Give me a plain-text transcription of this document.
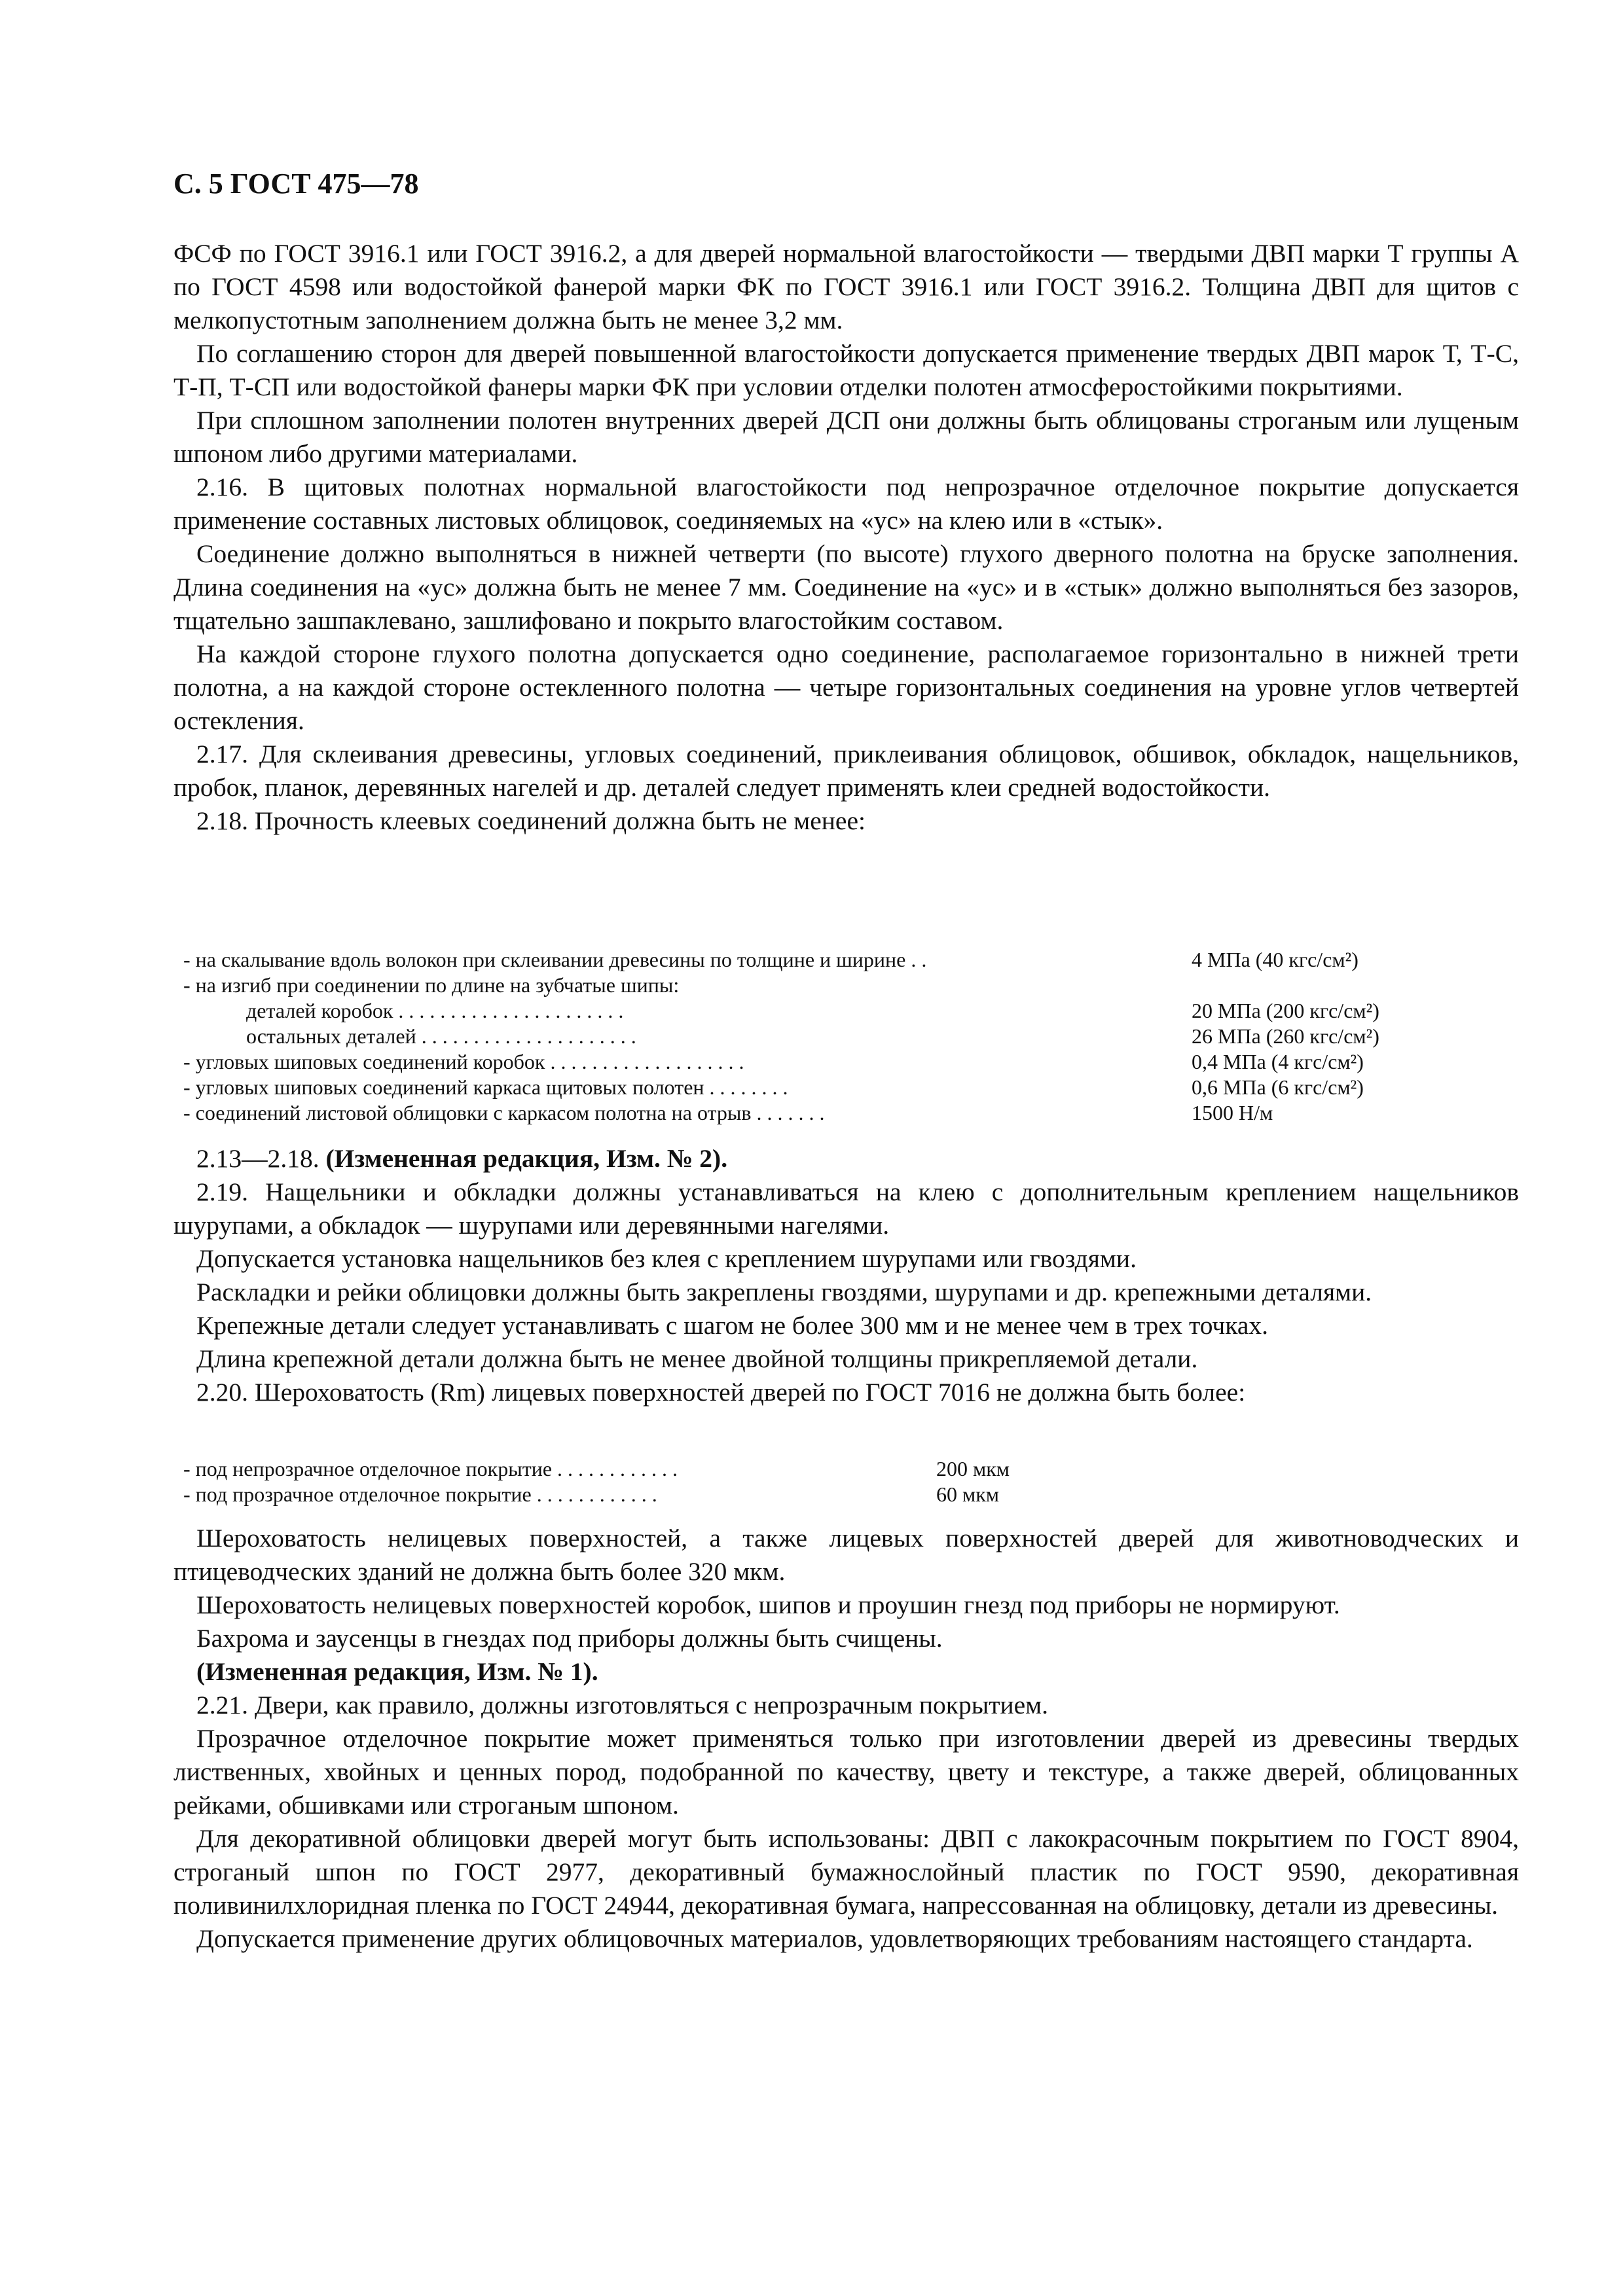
С. 5 ГОСТ 475—78

ФСФ по ГОСТ 3916.1 или ГОСТ 3916.2, а для дверей нормальной влагостойкости — твердыми ДВП марки Т группы А по ГОСТ 4598 или водостойкой фанерой марки ФК по ГОСТ 3916.1 или ГОСТ 3916.2. Толщина ДВП для щитов с мелкопустотным заполнением должна быть не менее 3,2 мм.

По соглашению сторон для дверей повышенной влагостойкости допускается применение твердых ДВП марок Т, Т-С, Т-П, Т-СП или водостойкой фанеры марки ФК при условии отделки полотен атмосферостойкими покрытиями.

При сплошном заполнении полотен внутренних дверей ДСП они должны быть облицованы строганым или лущеным шпоном либо другими материалами.

2.16. В щитовых полотнах нормальной влагостойкости под непрозрачное отделочное покрытие допускается применение составных листовых облицовок, соединяемых на «ус» на клею или в «стык».

Соединение должно выполняться в нижней четверти (по высоте) глухого дверного полотна на бруске заполнения. Длина соединения на «ус» должна быть не менее 7 мм. Соединение на «ус» и в «стык» должно выполняться без зазоров, тщательно зашпаклевано, зашлифовано и покрыто влагостойким составом.

На каждой стороне глухого полотна допускается одно соединение, располагаемое горизонтально в нижней трети полотна, а на каждой стороне остекленного полотна — четыре горизонтальных соединения на уровне углов четвертей остекления.

2.17. Для склеивания древесины, угловых соединений, приклеивания облицовок, обшивок, обкладок, нащельников, пробок, планок, деревянных нагелей и др. деталей следует применять клеи средней водостойкости.

2.18. Прочность клеевых соединений должна быть не менее:

- на скалывание вдоль волокон при склеивании древесины по толщине и ширине . .	4 МПа (40 кгс/см²)
- на изгиб при соединении по длине на зубчатые шипы:
деталей коробок . . . . . . . . . . . . . . . . . . . . . .	20 МПа (200 кгс/см²)
остальных деталей . . . . . . . . . . . . . . . . . . . . .	26 МПа (260 кгс/см²)
- угловых шиповых соединений коробок . . . . . . . . . . . . . . . . . . .	0,4 МПа (4 кгс/см²)
- угловых шиповых соединений каркаса щитовых полотен . . . . . . . .	0,6 МПа (6 кгс/см²)
- соединений листовой облицовки с каркасом полотна на отрыв . . . . . . .	1500 Н/м

2.13—2.18. (Измененная редакция, Изм. № 2).

2.19. Нащельники и обкладки должны устанавливаться на клею с дополнительным креплением нащельников шурупами, а обкладок — шурупами или деревянными нагелями.

Допускается установка нащельников без клея с креплением шурупами или гвоздями.

Раскладки и рейки облицовки должны быть закреплены гвоздями, шурупами и др. крепежными деталями.

Крепежные детали следует устанавливать с шагом не более 300 мм и не менее чем в трех точках.

Длина крепежной детали должна быть не менее двойной толщины прикрепляемой детали.

2.20. Шероховатость (Rm) лицевых поверхностей дверей по ГОСТ 7016 не должна быть более:

- под непрозрачное отделочное покрытие . . . . . . . . . . . .	200 мкм
- под прозрачное отделочное покрытие . . . . . . . . . . . .	60 мкм

Шероховатость нелицевых поверхностей, а также лицевых поверхностей дверей для животноводческих и птицеводческих зданий не должна быть более 320 мкм.

Шероховатость нелицевых поверхностей коробок, шипов и проушин гнезд под приборы не нормируют.

Бахрома и заусенцы в гнездах под приборы должны быть счищены.

(Измененная редакция, Изм. № 1).

2.21. Двери, как правило, должны изготовляться с непрозрачным покрытием.

Прозрачное отделочное покрытие может применяться только при изготовлении дверей из древесины твердых лиственных, хвойных и ценных пород, подобранной по качеству, цвету и текстуре, а также дверей, облицованных рейками, обшивками или строганым шпоном.

Для декоративной облицовки дверей могут быть использованы: ДВП с лакокрасочным покрытием по ГОСТ 8904, строганый шпон по ГОСТ 2977, декоративный бумажнослойный пластик по ГОСТ 9590, декоративная поливинилхлоридная пленка по ГОСТ 24944, декоративная бумага, напрессованная на облицовку, детали из древесины.

Допускается применение других облицовочных материалов, удовлетворяющих требованиям настоящего стандарта.
